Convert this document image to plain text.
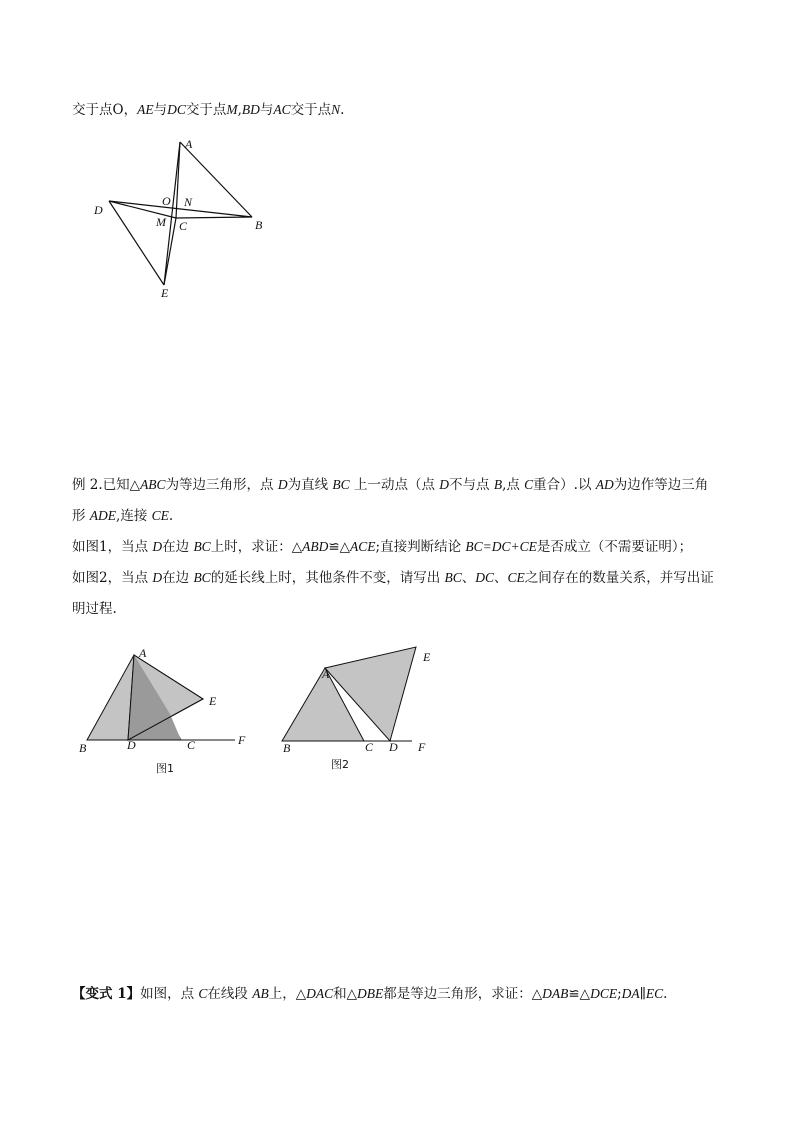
交于点O，AE与DC交于点M,BD与AC交于点N.
A
O N
D
M C	B
E
例 2.已知△ABC为等边三角形，点 D为直线 BC 上一动点（点 D不与点 B,点 C重合）.以 AD为边作等边三角
形 ADE,连接 CE.
如图1，当点 D在边 BC上时，求证：△ABD≌△ACE;直接判断结论 BC=DC+CE是否成立（不需要证明）；
如图2，当点 D在边 BC的延长线上时，其他条件不变，请写出 BC、DC、CE之间存在的数量关系，并写出证
明过程.
A
E
B	D	C	F
图1
A
E
B	C D F
图2
【变式 1】如图，点 C在线段 AB上，△DAC和△DBE都是等边三角形，求证：△DAB≌△DCE;DA∥EC.
